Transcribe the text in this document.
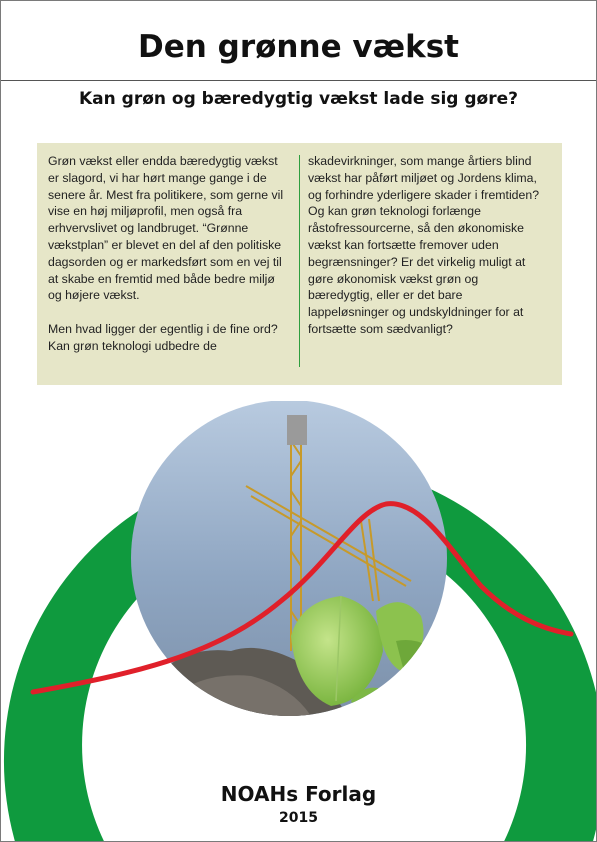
Den grønne vækst
Kan grøn og bæredygtig vækst lade sig gøre?

Grøn vækst eller endda bæredygtig vækst er slagord, vi har hørt mange gange i de senere år. Mest fra politikere, som gerne vil vise en høj miljøprofil, men også fra erhvervslivet og landbruget. “Grønne vækstplan” er blevet en del af den politiske dagsorden og er markedsført som en vej til at skabe en fremtid med både bedre miljø og højere vækst.

Men hvad ligger der egentlig i de fine ord? Kan grøn teknologi udbedre de

skadevirkninger, som mange årtiers blind vækst har påført miljøet og Jordens klima, og forhindre yderligere skader i fremtiden? Og kan grøn teknologi forlænge råstofressourcerne, så den økonomiske vækst kan fortsætte fremover uden begrænsninger? Er det virkelig muligt at gøre økonomisk vækst grøn og bæredygtig, eller er det bare lappeløsninger og undskyldninger for at fortsætte som sædvanligt?

NOAHs Forlag
2015
